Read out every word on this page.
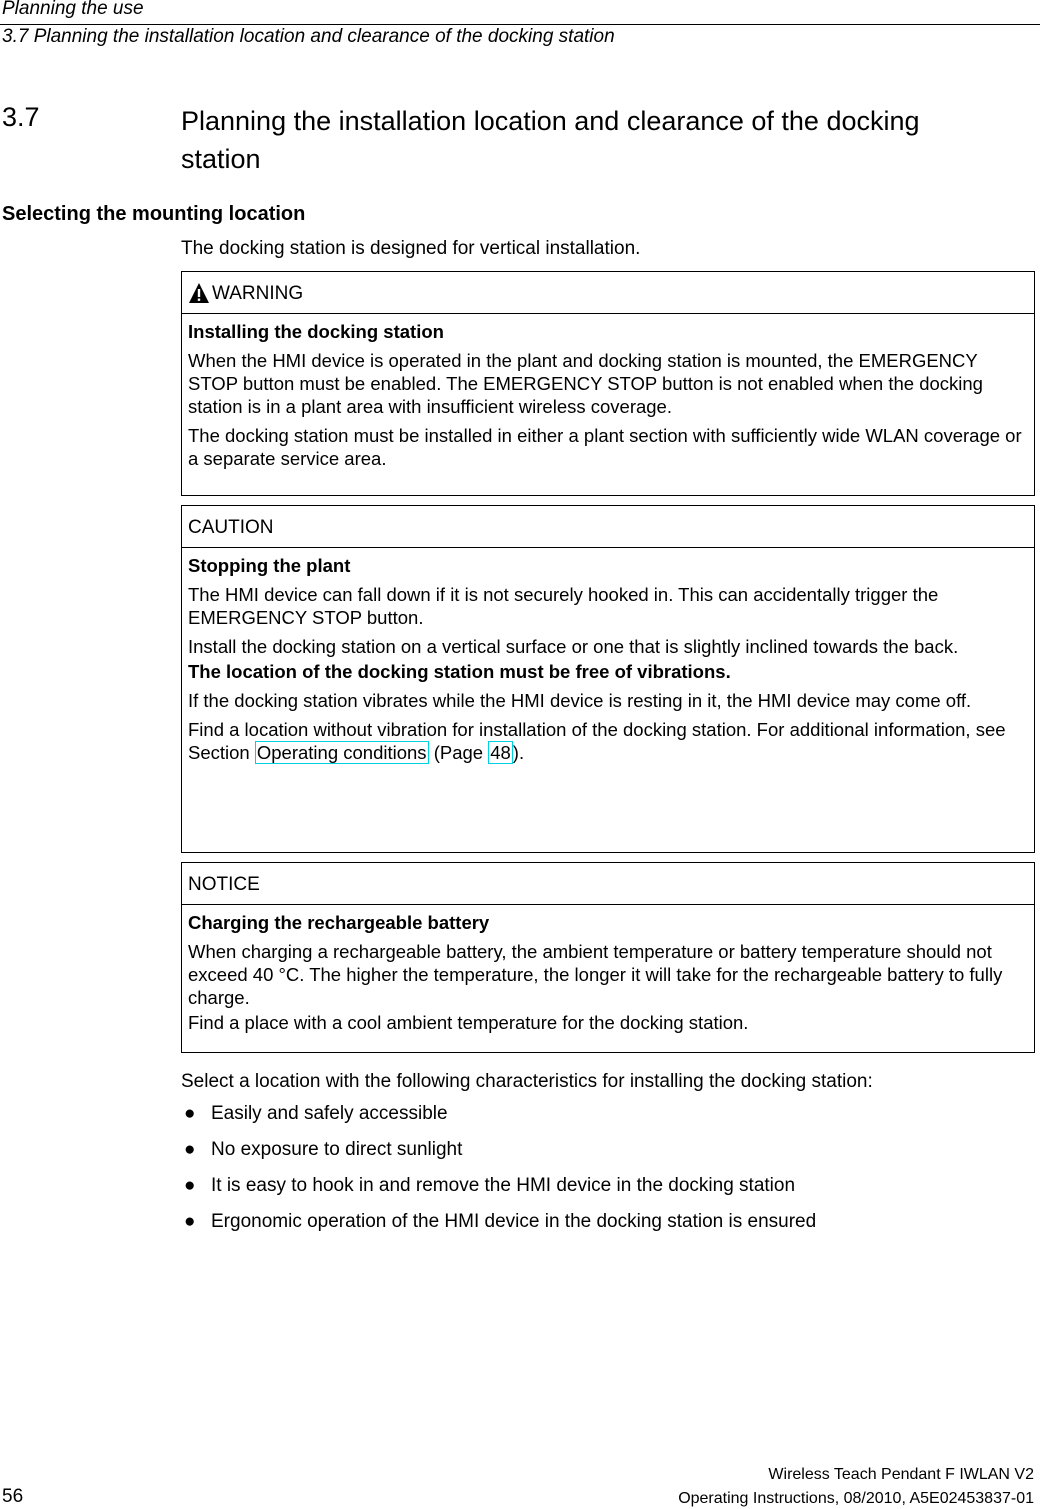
Planning the use
3.7 Planning the installation location and clearance of the docking station
3.7	Planning the installation location and clearance of the docking station
Selecting the mounting location
The docking station is designed for vertical installation.
WARNING

Installing the docking station

When the HMI device is operated in the plant and docking station is mounted, the EMERGENCY STOP button must be enabled. The EMERGENCY STOP button is not enabled when the docking station is in a plant area with insufficient wireless coverage.

The docking station must be installed in either a plant section with sufficiently wide WLAN coverage or a separate service area.

CAUTION

Stopping the plant

The HMI device can fall down if it is not securely hooked in. This can accidentally trigger the EMERGENCY STOP button.

Install the docking station on a vertical surface or one that is slightly inclined towards the back.

The location of the docking station must be free of vibrations.

If the docking station vibrates while the HMI device is resting in it, the HMI device may come off.

Find a location without vibration for installation of the docking station. For additional information, see Section Operating conditions (Page 48 ).

NOTICE

Charging the rechargeable battery

When charging a rechargeable battery, the ambient temperature or battery temperature should not exceed 40 °C. The higher the temperature, the longer it will take for the rechargeable battery to fully charge.

Find a place with a cool ambient temperature for the docking station.

Select a location with the following characteristics for installing the docking station:
● Easily and safely accessible
● No exposure to direct sunlight
● It is easy to hook in and remove the HMI device in the docking station
● Ergonomic operation of the HMI device in the docking station is ensured
Wireless Teach Pendant F IWLAN V2
Operating Instructions, 08/2010, A5E02453837-01
56
